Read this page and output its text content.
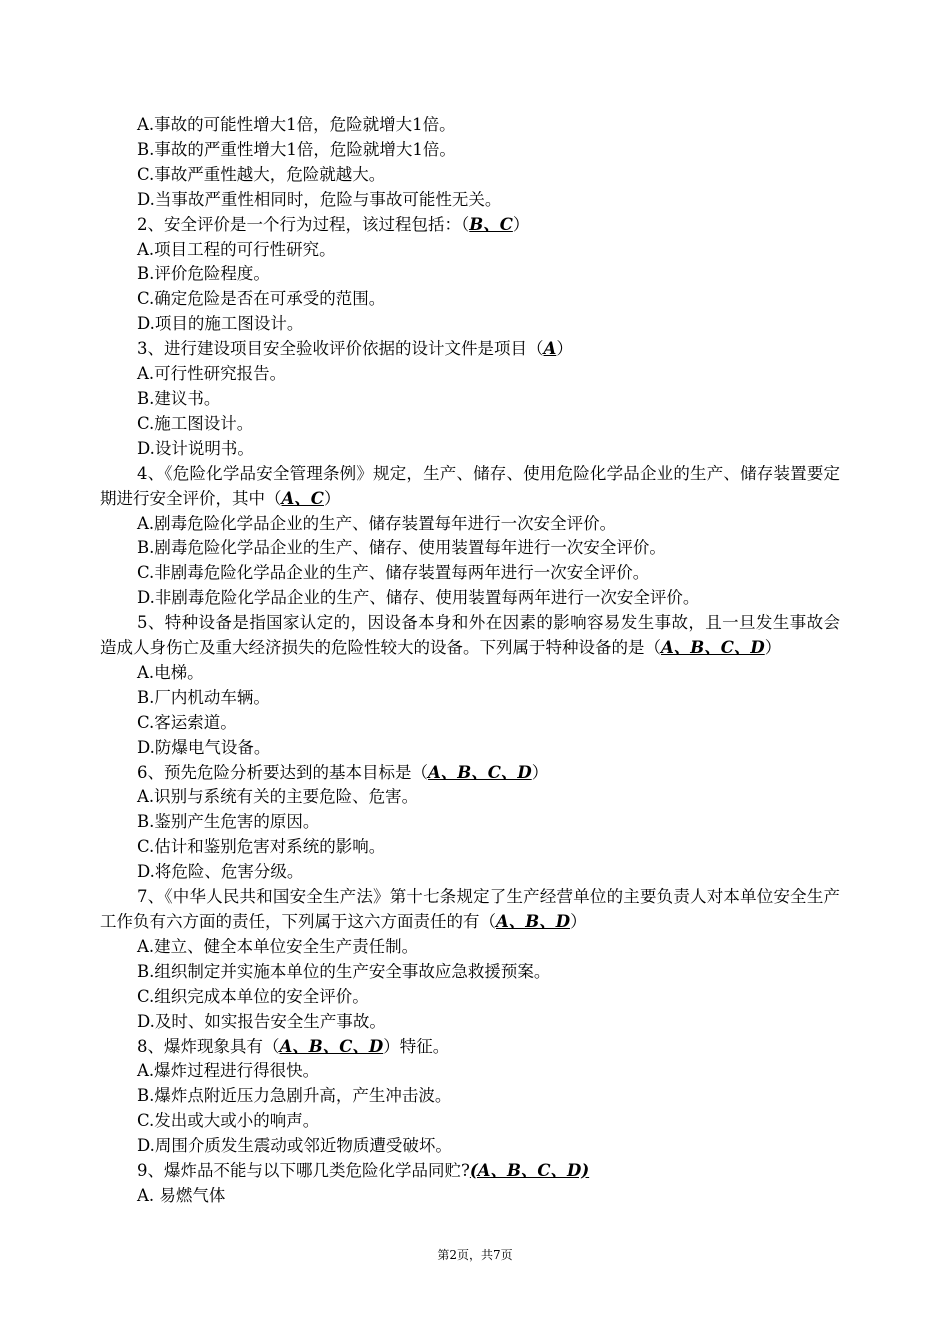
A.事故的可能性增大1倍，危险就增大1倍。
B.事故的严重性增大1倍，危险就增大1倍。
C.事故严重性越大，危险就越大。
D.当事故严重性相同时，危险与事故可能性无关。
2、安全评价是一个行为过程，该过程包括：（B、C）
A.项目工程的可行性研究。
B.评价危险程度。
C.确定危险是否在可承受的范围。
D.项目的施工图设计。
3、进行建设项目安全验收评价依据的设计文件是项目（A）
A.可行性研究报告。
B.建议书。
C.施工图设计。
D.设计说明书。
4、《危险化学品安全管理条例》规定，生产、储存、使用危险化学品企业的生产、储存装置要定期进行安全评价，其中（A、C）
A.剧毒危险化学品企业的生产、储存装置每年进行一次安全评价。
B.剧毒危险化学品企业的生产、储存、使用装置每年进行一次安全评价。
C.非剧毒危险化学品企业的生产、储存装置每两年进行一次安全评价。
D.非剧毒危险化学品企业的生产、储存、使用装置每两年进行一次安全评价。
5、特种设备是指国家认定的，因设备本身和外在因素的影响容易发生事故，且一旦发生事故会造成人身伤亡及重大经济损失的危险性较大的设备。下列属于特种设备的是（A、B、C、D）
A.电梯。
B.厂内机动车辆。
C.客运索道。
D.防爆电气设备。
6、预先危险分析要达到的基本目标是（A、B、C、D）
A.识别与系统有关的主要危险、危害。
B.鉴别产生危害的原因。
C.估计和鉴别危害对系统的影响。
D.将危险、危害分级。
7、《中华人民共和国安全生产法》第十七条规定了生产经营单位的主要负责人对本单位安全生产工作负有六方面的责任，下列属于这六方面责任的有（A、B、D）
A.建立、健全本单位安全生产责任制。
B.组织制定并实施本单位的生产安全事故应急救援预案。
C.组织完成本单位的安全评价。
D.及时、如实报告安全生产事故。
8、爆炸现象具有（A、B、C、D）特征。
A.爆炸过程进行得很快。
B.爆炸点附近压力急剧升高，产生冲击波。
C.发出或大或小的响声。
D.周围介质发生震动或邻近物质遭受破坏。
9、爆炸品不能与以下哪几类危险化学品同贮?(A、B、C、D)
A. 易燃气体
第2页，共7页
